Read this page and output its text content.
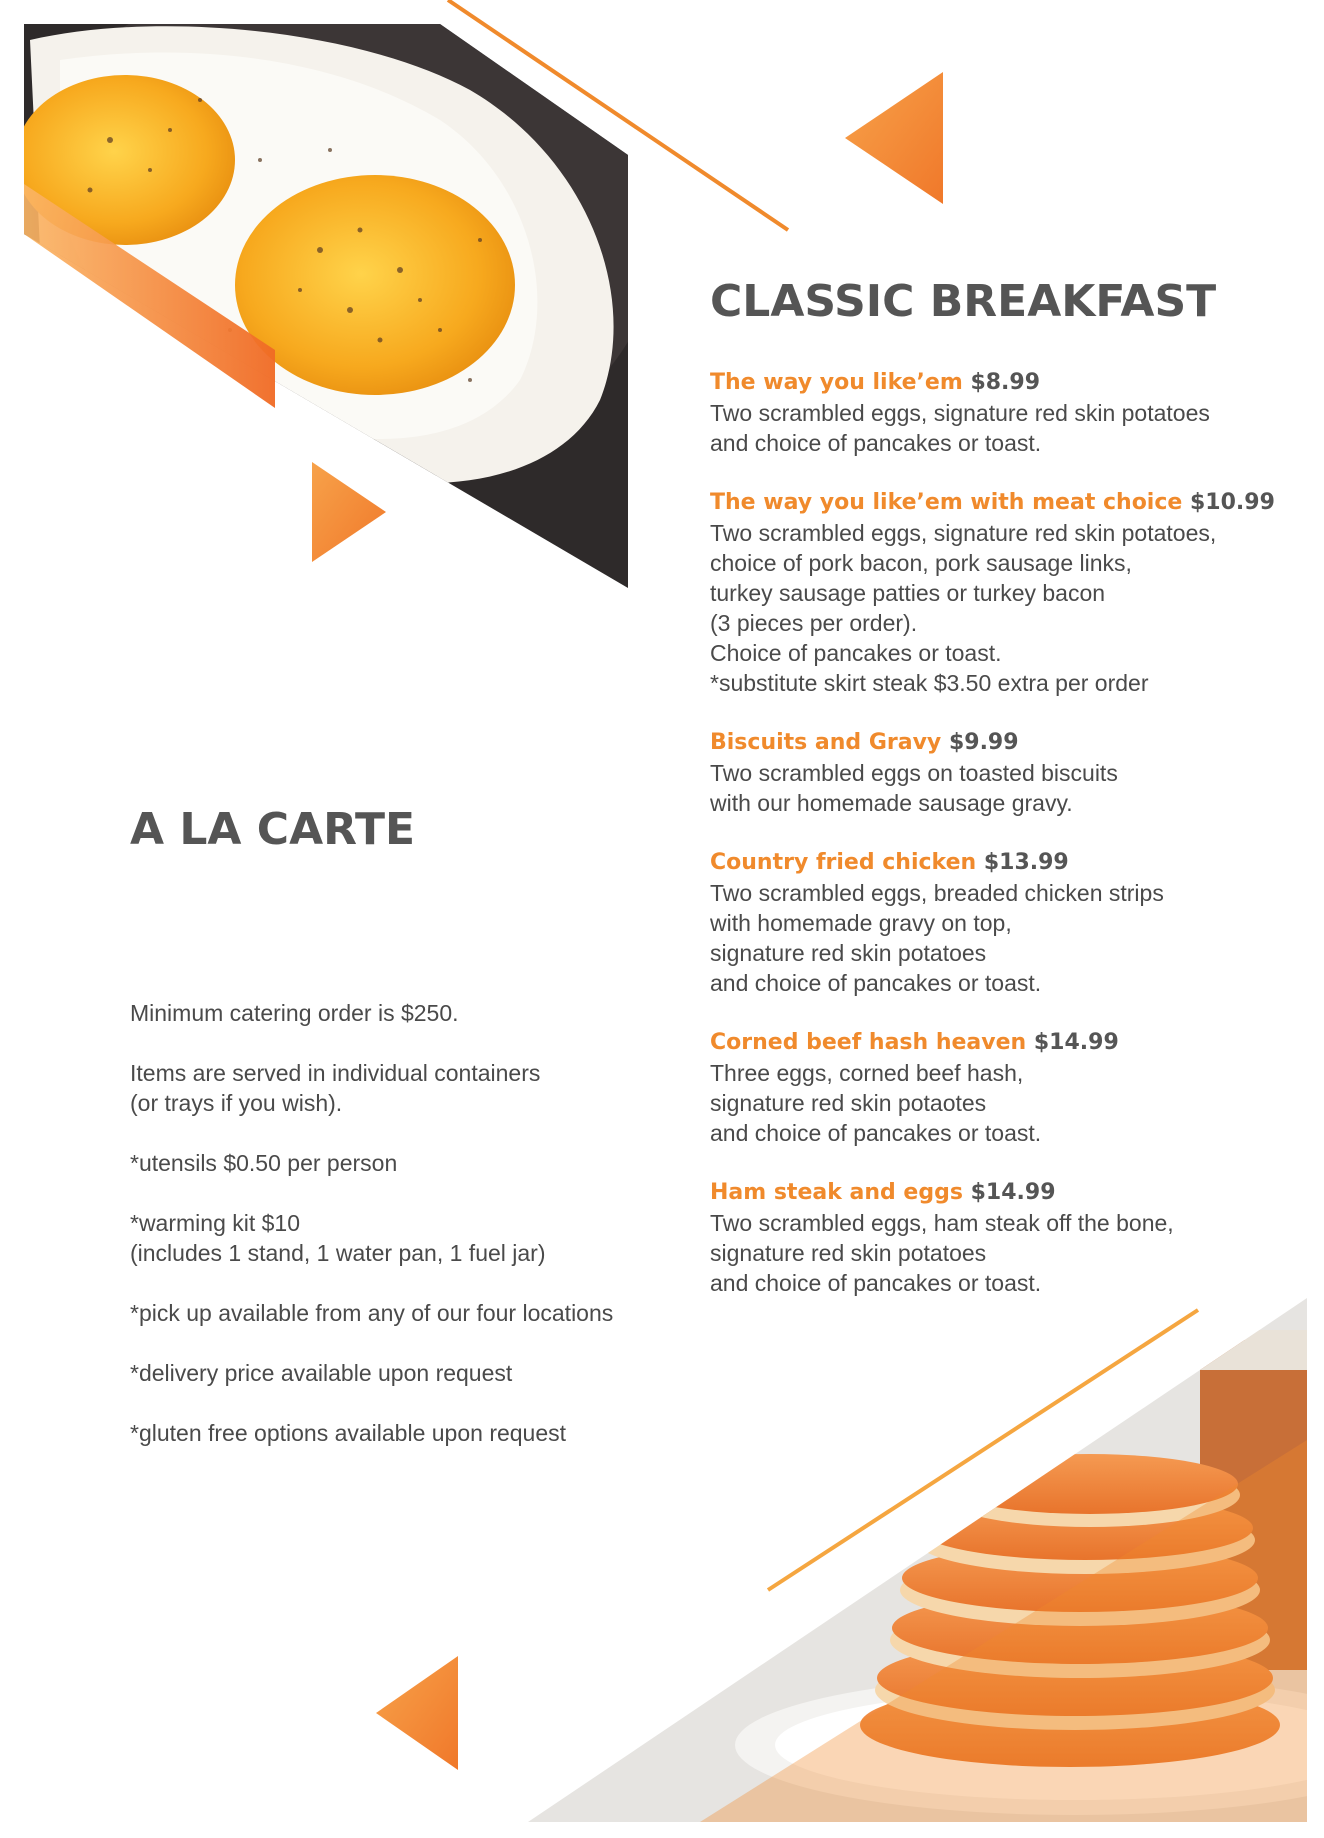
CLASSIC BREAKFAST
The way you like’em $8.99
Two scrambled eggs, signature red skin potatoes
and choice of pancakes or toast.
The way you like’em with meat choice $10.99
Two scrambled eggs, signature red skin potatoes,
choice of pork bacon, pork sausage links,
turkey sausage patties or turkey bacon
(3 pieces per order).
Choice of pancakes or toast.
*substitute skirt steak $3.50 extra per order
Biscuits and Gravy $9.99
Two scrambled eggs on toasted biscuits
with our homemade sausage gravy.
Country fried chicken $13.99
Two scrambled eggs, breaded chicken strips
with homemade gravy on top,
signature red skin potatoes
and choice of pancakes or toast.
Corned beef hash heaven $14.99
Three eggs, corned beef hash,
signature red skin potaotes
and choice of pancakes or toast.
Ham steak and eggs $14.99
Two scrambled eggs, ham steak off the bone,
signature red skin potatoes
and choice of pancakes or toast.
A LA CARTE
Minimum catering order is $250.
Items are served in individual containers
(or trays if you wish).
*utensils $0.50 per person
*warming kit $10
(includes 1 stand, 1 water pan, 1 fuel jar)
*pick up available from any of our four locations
*delivery price available upon request
*gluten free options available upon request
